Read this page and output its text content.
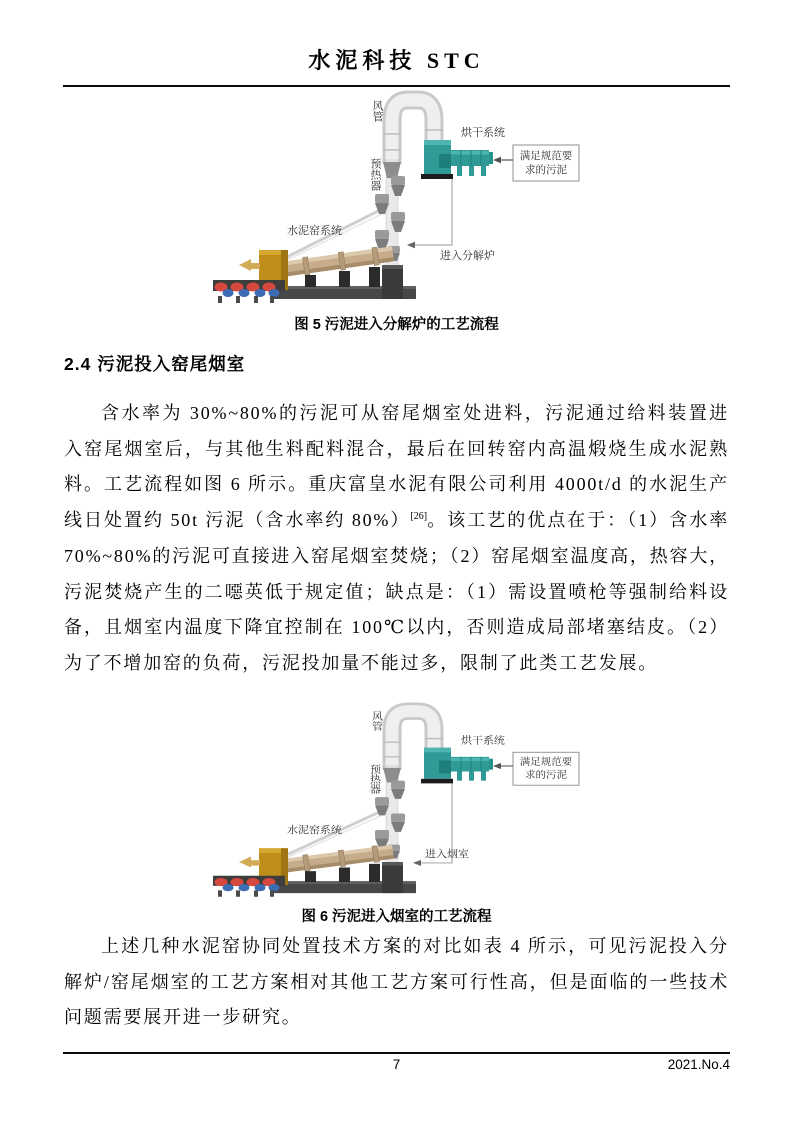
水泥科技 STC
满足规范要
求的污泥
风管
预热器
烘干系统
水泥窑系统
进入分解炉
图 5 污泥进入分解炉的工艺流程
2.4 污泥投入窑尾烟室

含水率为 30%~80%的污泥可从窑尾烟室处进料，污泥通过给料装置进入窑尾烟室后，与其他生料配料混合，最后在回转窑内高温煅烧生成水泥熟料。工艺流程如图 6 所示。重庆富皇水泥有限公司利用 4000t/d 的水泥生产线日处置约 50t 污泥（含水率约 80%）[26]。该工艺的优点在于：（1）含水率 70%~80%的污泥可直接进入窑尾烟室焚烧；（2）窑尾烟室温度高，热容大，污泥焚烧产生的二噁英低于规定值；缺点是：（1）需设置喷枪等强制给料设备，且烟室内温度下降宜控制在 100℃以内，否则造成局部堵塞结皮。（2）为了不增加窑的负荷，污泥投加量不能过多，限制了此类工艺发展。

满足规范要
求的污泥
风管
预热器
烘干系统
水泥窑系统
进入烟室
图 6 污泥进入烟室的工艺流程

上述几种水泥窑协同处置技术方案的对比如表 4 所示，可见污泥投入分解炉/窑尾烟室的工艺方案相对其他工艺方案可行性高，但是面临的一些技术问题需要展开进一步研究。

7	2021.No.4
